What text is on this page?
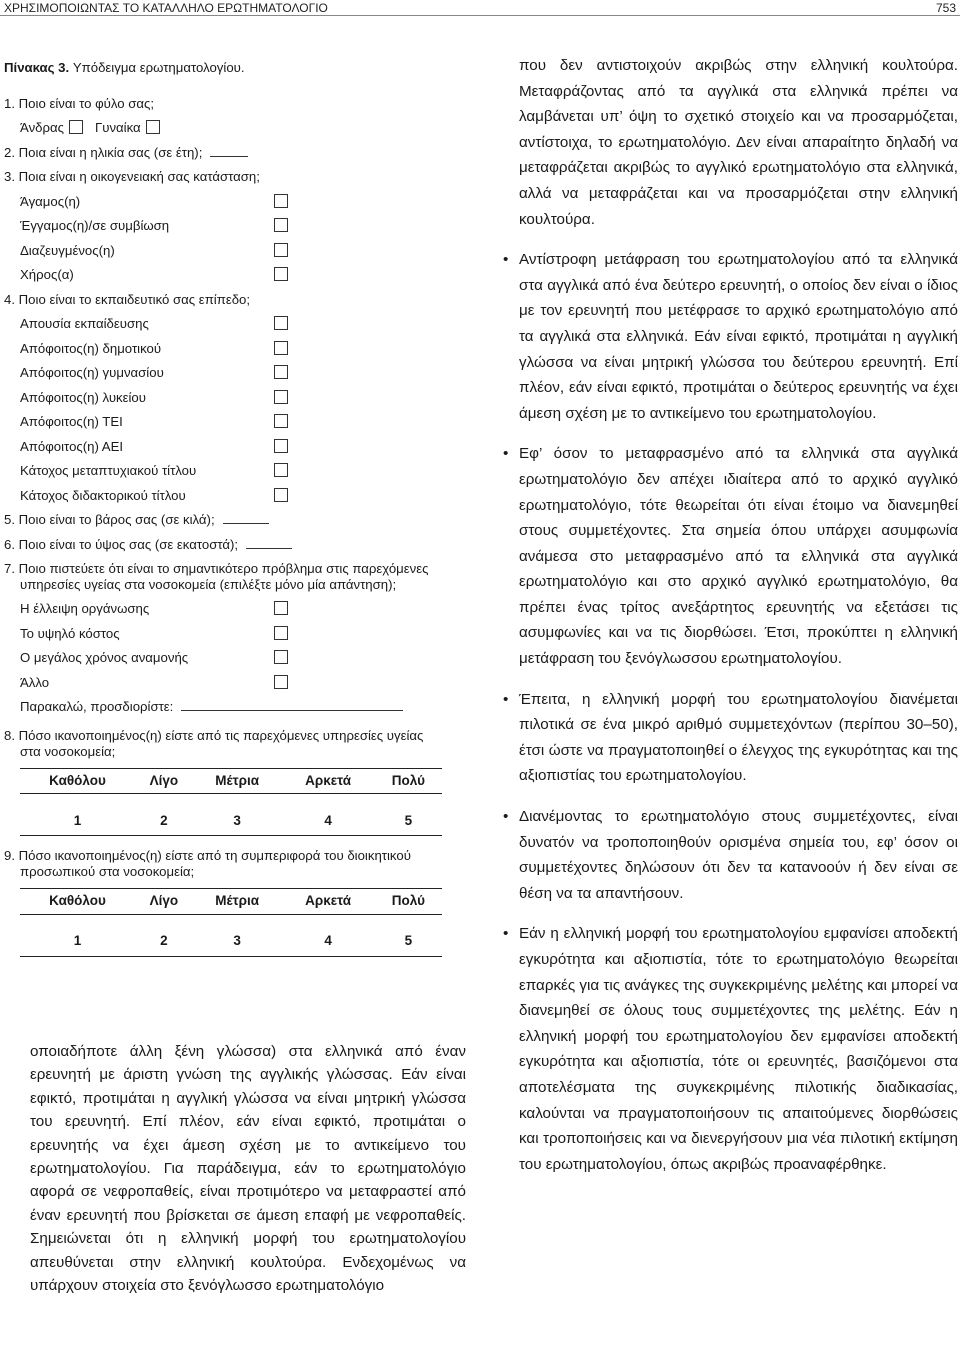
ΧΡΗΣΙΜΟΠΟΙΩΝΤΑΣ ΤΟ ΚΑΤΑΛΛΗΛΟ ΕΡΩΤΗΜΑΤΟΛΟΓΙΟ	753
Πίνακας 3. Υπόδειγμα ερωτηματολογίου.
1. Ποιο είναι το φύλο σας;
Άνδρας Γυναίκα
2. Ποια είναι η ηλικία σας (σε έτη);
3. Ποια είναι η οικογενειακή σας κατάσταση;
Άγαμος(η)
Έγγαμος(η)/σε συμβίωση
Διαζευγμένος(η)
Χήρος(α)
4. Ποιο είναι το εκπαιδευτικό σας επίπεδο;
Απουσία εκπαίδευσης
Απόφοιτος(η) δημοτικού
Απόφοιτος(η) γυμνασίου
Απόφοιτος(η) λυκείου
Απόφοιτος(η) ΤΕΙ
Απόφοιτος(η) ΑΕΙ
Κάτοχος μεταπτυχιακού τίτλου
Κάτοχος διδακτορικού τίτλου
5. Ποιο είναι το βάρος σας (σε κιλά);
6. Ποιο είναι το ύψος σας (σε εκατοστά);
7. Ποιο πιστεύετε ότι είναι το σημαντικότερο πρόβλημα στις παρεχόμενες
υπηρεσίες υγείας στα νοσοκομεία (επιλέξτε μόνο μία απάντηση);
Η έλλειψη οργάνωσης
Το υψηλό κόστος
Ο μεγάλος χρόνος αναμονής
Άλλο
Παρακαλώ, προσδιορίστε:
8. Πόσο ικανοποιημένος(η) είστε από τις παρεχόμενες υπηρεσίες υγείας
στα νοσοκομεία;
Καθόλου	Λίγο	Μέτρια	Αρκετά	Πολύ
1	2	3	4	5
9. Πόσο ικανοποιημένος(η) είστε από τη συμπεριφορά του διοικητικού
προσωπικού στα νοσοκομεία;
Καθόλου	Λίγο	Μέτρια	Αρκετά	Πολύ
1	2	3	4	5
οποιαδήποτε άλλη ξένη γλώσσα) στα ελληνικά από έναν ερευνητή με άριστη γνώση της αγγλικής γλώσσας. Εάν είναι εφικτό, προτιμάται η αγγλική γλώσσα να είναι μητρική γλώσσα του ερευνητή. Επί πλέον, εάν είναι εφικτό, προτιμάται ο ερευνητής να έχει άμεση σχέση με το αντικείμενο του ερωτηματολογίου. Για παράδειγμα, εάν το ερωτηματολόγιο αφορά σε νεφροπαθείς, είναι προτιμότερο να μεταφραστεί από έναν ερευνητή που βρίσκεται σε άμεση επαφή με νεφροπαθείς. Σημειώνεται ότι η ελληνική μορφή του ερωτηματολογίου απευθύνεται στην ελληνική κουλτούρα. Ενδεχομένως να υπάρχουν στοιχεία στο ξενόγλωσσο ερωτηματολόγιο

που δεν αντιστοιχούν ακριβώς στην ελληνική κουλτούρα. Μεταφράζοντας από τα αγγλικά στα ελληνικά πρέπει να λαμβάνεται υπ’ όψη το σχετικό στοιχείο και να προσαρμόζεται, αντίστοιχα, το ερωτηματολόγιο. Δεν είναι απαραίτητο δηλαδή να μεταφράζεται ακριβώς το αγγλικό ερωτηματολόγιο στα ελληνικά, αλλά να μεταφράζεται και να προσαρμόζεται στην ελληνική κουλτούρα.

• Αντίστροφη μετάφραση του ερωτηματολογίου από τα ελληνικά στα αγγλικά από ένα δεύτερο ερευνητή, ο οποίος δεν είναι ο ίδιος με τον ερευνητή που μετέφρασε το αρχικό ερωτηματολόγιο από τα αγγλικά στα ελληνικά. Εάν είναι εφικτό, προτιμάται η αγγλική γλώσσα να είναι μητρική γλώσσα του δεύτερου ερευνητή. Επί πλέον, εάν είναι εφικτό, προτιμάται ο δεύτερος ερευνητής να έχει άμεση σχέση με το αντικείμενο του ερωτηματολογίου.
• Εφ’ όσον το μεταφρασμένο από τα ελληνικά στα αγγλικά ερωτηματολόγιο δεν απέχει ιδιαίτερα από το αρχικό αγγλικό ερωτηματολόγιο, τότε θεωρείται ότι είναι έτοιμο να διανεμηθεί στους συμμετέχοντες. Στα σημεία όπου υπάρχει ασυμφωνία ανάμεσα στο μεταφρασμένο από τα ελληνικά στα αγγλικά ερωτηματολόγιο και στο αρχικό αγγλικό ερωτηματολόγιο, θα πρέπει ένας τρίτος ανεξάρτητος ερευνητής να εξετάσει τις ασυμφωνίες και να τις διορθώσει. Έτσι, προκύπτει η ελληνική μετάφραση του ξενόγλωσσου ερωτηματολογίου.
• Έπειτα, η ελληνική μορφή του ερωτηματολογίου διανέμεται πιλοτικά σε ένα μικρό αριθμό συμμετεχόντων (περίπου 30–50), έτσι ώστε να πραγματοποιηθεί ο έλεγχος της εγκυρότητας και της αξιοπιστίας του ερωτηματολογίου.
• Διανέμοντας το ερωτηματολόγιο στους συμμετέχοντες, είναι δυνατόν να τροποποιηθούν ορισμένα σημεία του, εφ’ όσον οι συμμετέχοντες δηλώσουν ότι δεν τα κατανοούν ή δεν είναι σε θέση να τα απαντήσουν.
• Εάν η ελληνική μορφή του ερωτηματολογίου εμφανίσει αποδεκτή εγκυρότητα και αξιοπιστία, τότε το ερωτηματολόγιο θεωρείται επαρκές για τις ανάγκες της συγκεκριμένης μελέτης και μπορεί να διανεμηθεί σε όλους τους συμμετέχοντες της μελέτης. Εάν η ελληνική μορφή του ερωτηματολογίου δεν εμφανίσει αποδεκτή εγκυρότητα και αξιοπιστία, τότε οι ερευνητές, βασιζόμενοι στα αποτελέσματα της συγκεκριμένης πιλοτικής διαδικασίας, καλούνται να πραγματοποιήσουν τις απαιτούμενες διορθώσεις και τροποποιήσεις και να διενεργήσουν μια νέα πιλοτική εκτίμηση του ερωτηματολογίου, όπως ακριβώς προαναφέρθηκε.
